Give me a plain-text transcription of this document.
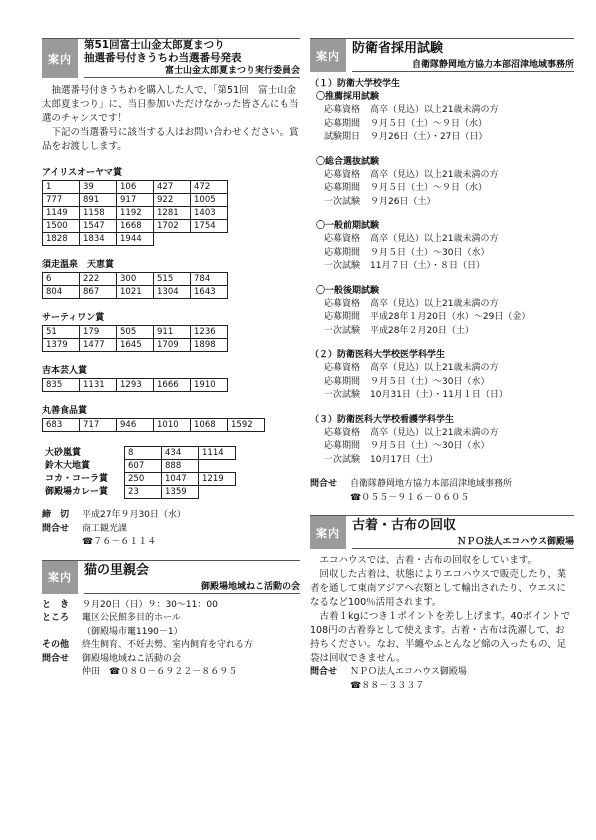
案内
第51回富士山金太郎夏まつり
抽選番号付きうちわ当選番号発表
富士山金太郎夏まつり実行委員会
　抽選番号付きうちわを購入した人で、「第51回　富士山金太郎夏まつり」に、当日参加いただけなかった皆さんにも当選のチャンスです！
　下記の当選番号に該当する人はお問い合わせください。賞品をお渡しします。
アイリスオーヤマ賞
1	39	106	427	472
777	891	917	922	1005
1149	1158	1192	1281	1403
1500	1547	1668	1702	1754
1828	1834	1944		
須走温泉　天恵賞
6	222	300	515	784
804	867	1021	1304	1643
サーティワン賞
51	179	505	911	1236
1379	1477	1645	1709	1898
吉本芸人賞
835	1131	1293	1666	1910
丸善食品賞
683	717	946	1010	1068	1592
大砂嵐賞	8	434	1114
鈴木大地賞	607	888	
コカ・コーラ賞	250	1047	1219
御殿場カレー賞	23	1359	
締　切	平成27年９月30日（水）
問合せ	商工観光課
☎７６－６１１４
案内 猫の里親会
御殿場地域ねこ活動の会
と　き	９月20日（日）９：30～11：00
ところ	竃区公民館多目的ホール
（御殿場市竃1190－1）
その他	終生飼育、不妊去勢、室内飼育を守れる方
問合せ	御殿場地域ねこ活動の会
仲田　☎０８０－６９２２－８６９５
案内 防衛省採用試験
自衛隊静岡地方協力本部沼津地域事務所
（１）防衛大学校学生
〇推薦採用試験
応募資格	高卒（見込）以上21歳未満の方
応募期間	９月５日（土）～９日（水）
試験期日	９月26日（土）・27日（日）
〇総合選抜試験
応募資格	高卒（見込）以上21歳未満の方
応募期間	９月５日（土）～９日（水）
一次試験	９月26日（土）
〇一般前期試験
応募資格	高卒（見込）以上21歳未満の方
応募期間	９月５日（土）～30日（水）
一次試験	11月７日（土）・８日（日）
〇一般後期試験
応募資格	高卒（見込）以上21歳未満の方
応募期間	平成28年１月20日（水）～29日（金）
一次試験	平成28年２月20日（土）
（２）防衛医科大学校医学科学生
応募資格	高卒（見込）以上21歳未満の方
応募期間	９月５日（土）～30日（水）
一次試験	10月31日（土）・11月１日（日）
（３）防衛医科大学校看護学科学生
応募資格	高卒（見込）以上21歳未満の方
応募期間	９月５日（土）～30日（水）
一次試験	10月17日（土）
問合せ	自衛隊静岡地方協力本部沼津地域事務所
☎０５５－９１６－０６０５
案内 古着・古布の回収
ＮＰＯ法人エコハウス御殿場
　エコハウスでは、古着・古布の回収をしています。
　回収した古着は、状態によりエコハウスで販売したり、業者を通して東南アジアへ衣類として輸出されたり、ウエスになるなど100％活用されます。
　古着１kgにつき１ポイントを差し上げます。40ポイントで108円の古着券として使えます。古着・古布は洗濯して、お持ちください。なお、半纏やふとんなど綿の入ったもの、足袋は回収できません。
問合せ	ＮＰＯ法人エコハウス御殿場
☎８８－３３３７
